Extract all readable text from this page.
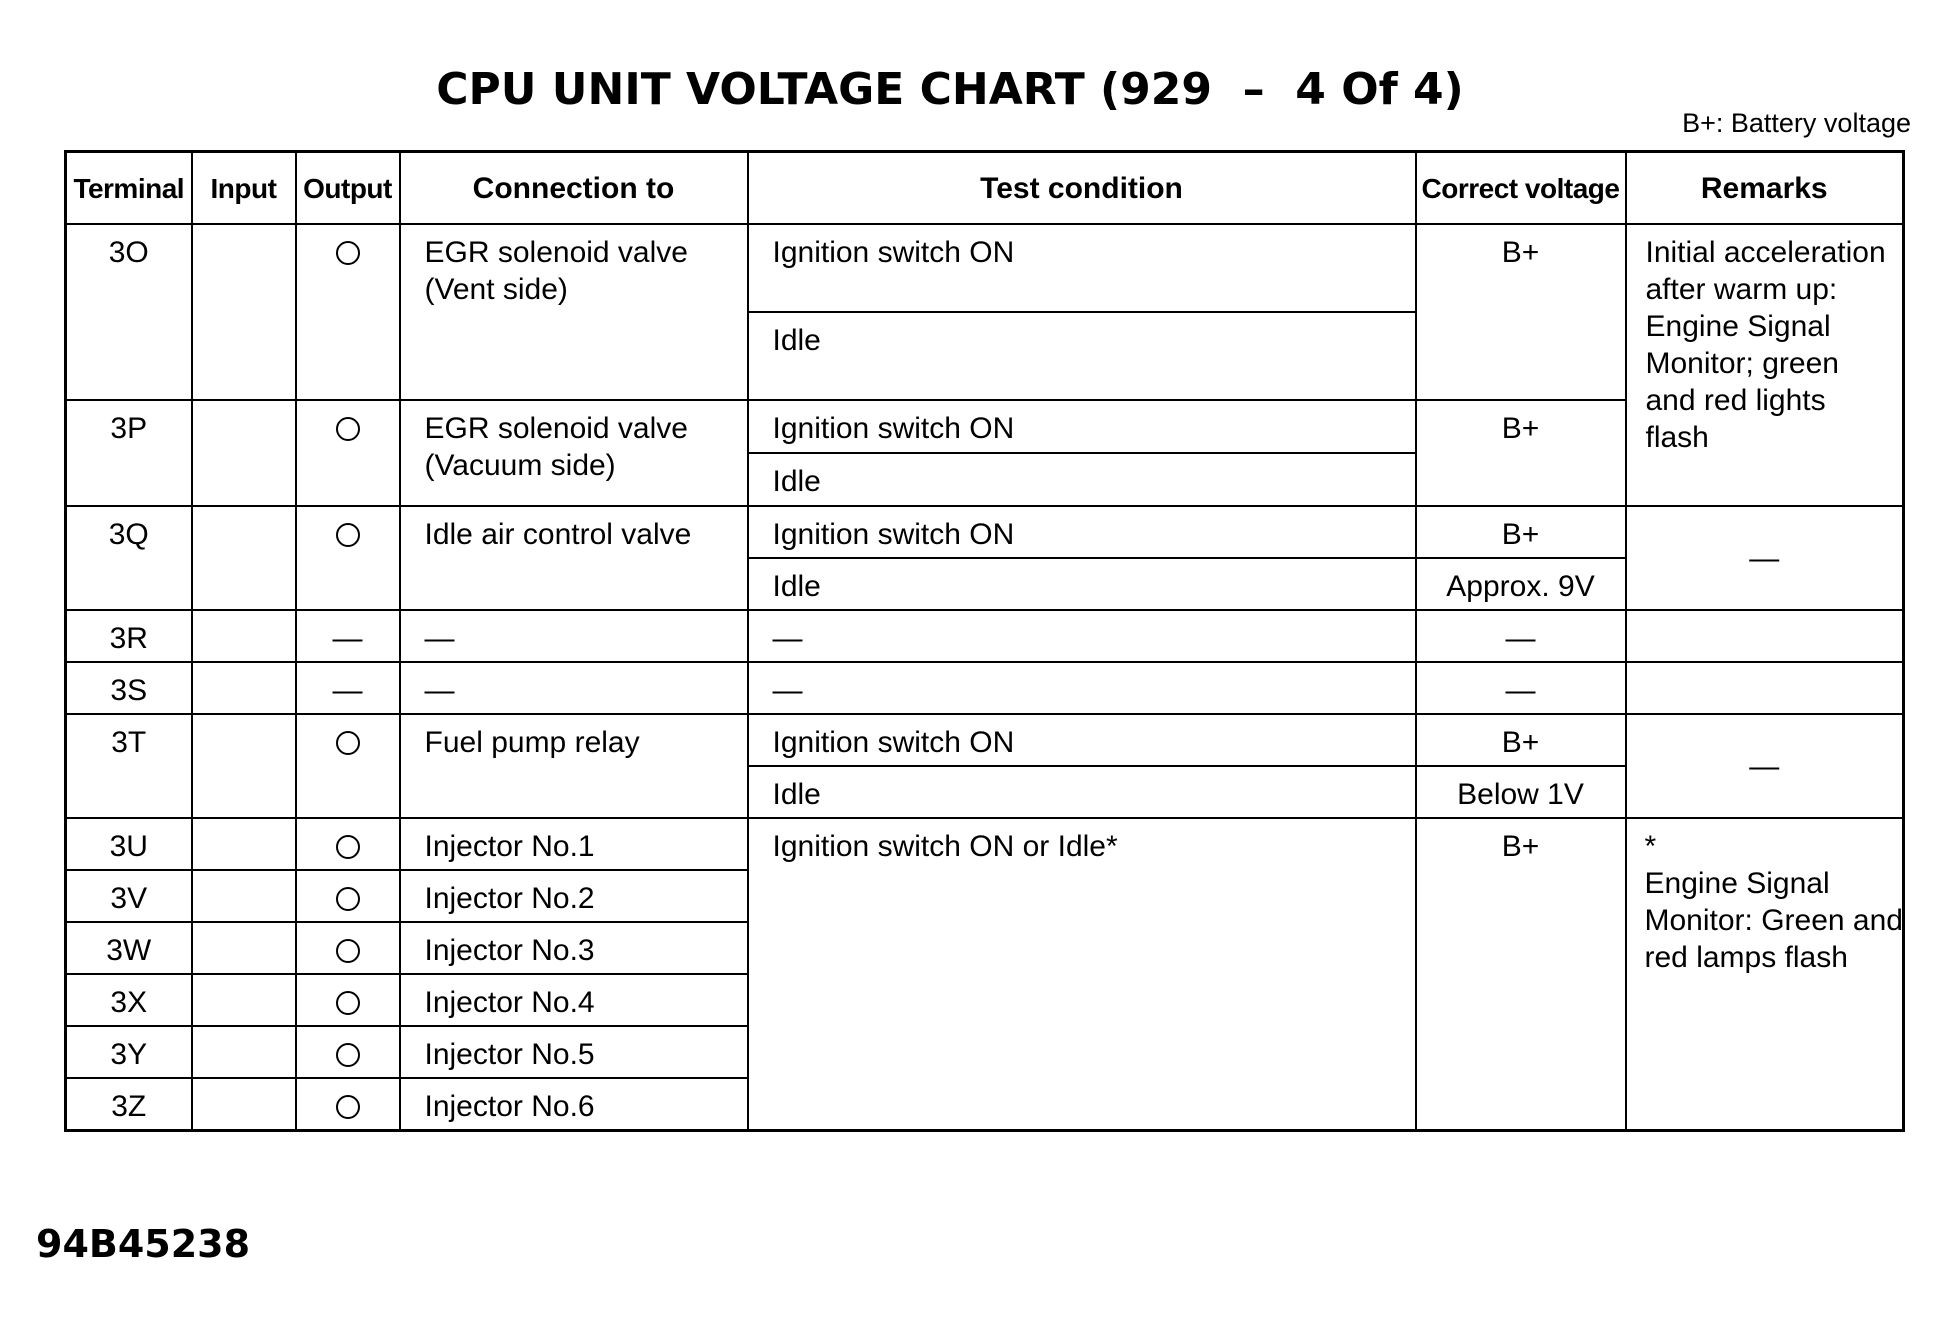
CPU UNIT VOLTAGE CHART (929  –  4 Of 4)
B+: Battery voltage
Terminal	Input	Output	Connection to	Test condition	Correct voltage	Remarks

3O			EGR solenoid valve (Vent side)	Ignition switch ON	B+	Initial acceleration after warm up: Engine Signal Monitor; green and red lights flash

				Idle		

3P			EGR solenoid valve (Vacuum side)	Ignition switch ON	B+	

				Idle		

3Q			Idle air control valve	Ignition switch ON	B+	—

				Idle	Approx. 9V	

3R		—	—	—	—	

3S		—	—	—	—	

3T			Fuel pump relay	Ignition switch ON	B+	—

				Idle	Below 1V	

3U			Injector No.1	Ignition switch ON or Idle*	B+	*Engine Signal Monitor: Green and red lamps flash

3V			Injector No.2			

3W			Injector No.3			

3X			Injector No.4			

3Y			Injector No.5			

3Z			Injector No.6			
94B45238
